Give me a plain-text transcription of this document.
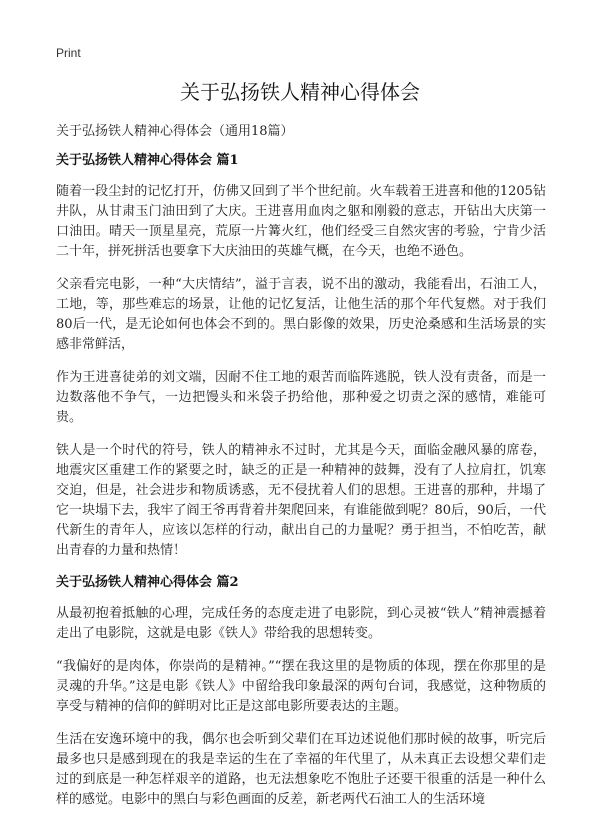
Print
关于弘扬铁人精神心得体会
关于弘扬铁人精神心得体会（通用18篇）
关于弘扬铁人精神心得体会 篇1

随着一段尘封的记忆打开，仿佛又回到了半个世纪前。火车载着王进喜和他的1205钻井队，从甘肃玉门油田到了大庆。王进喜用血肉之躯和刚毅的意志，开钻出大庆第一口油田。晴天一顶星星亮，荒原一片篝火红，他们经受三自然灾害的考验，宁肯少活二十年，拼死拼活也要拿下大庆油田的英雄气概，在今天，也绝不逊色。

父亲看完电影，一种“大庆情结”，溢于言表，说不出的激动，我能看出，石油工人，工地，等，那些难忘的场景，让他的记忆复活，让他生活的那个年代复燃。对于我们80后一代，是无论如何也体会不到的。黑白影像的效果，历史沧桑感和生活场景的实感非常鲜活，

作为王进喜徒弟的刘文端，因耐不住工地的艰苦而临阵逃脱，铁人没有责备，而是一边数落他不争气，一边把馒头和米袋子扔给他，那种爱之切责之深的感情，难能可贵。

铁人是一个时代的符号，铁人的精神永不过时，尤其是今天，面临金融风暴的席卷，地震灾区重建工作的紧要之时，缺乏的正是一种精神的鼓舞，没有了人拉肩扛，饥寒交迫，但是，社会进步和物质诱惑，无不侵扰着人们的思想。王进喜的那种，井塌了它一块塌下去，我牢了阎王爷再背着井架爬回来，有谁能做到呢？80后，90后，一代代新生的青年人，应该以怎样的行动，献出自己的力量呢？勇于担当，不怕吃苦，献出青春的力量和热情！

关于弘扬铁人精神心得体会 篇2

从最初抱着抵触的心理，完成任务的态度走进了电影院，到心灵被“铁人”精神震撼着走出了电影院，这就是电影《铁人》带给我的思想转变。

“我偏好的是肉体，你崇尚的是精神。”“摆在我这里的是物质的体现，摆在你那里的是灵魂的升华。”这是电影《铁人》中留给我印象最深的两句台词，我感觉，这种物质的享受与精神的信仰的鲜明对比正是这部电影所要表达的主题。

生活在安逸环境中的我，偶尔也会听到父辈们在耳边述说他们那时候的故事，听完后最多也只是感到现在的我是幸运的生在了幸福的年代里了，从未真正去设想父辈们走过的到底是一种怎样艰辛的道路，也无法想象吃不饱肚子还要干很重的活是一种什么样的感觉。电影中的黑白与彩色画面的反差，新老两代石油工人的生活环境
